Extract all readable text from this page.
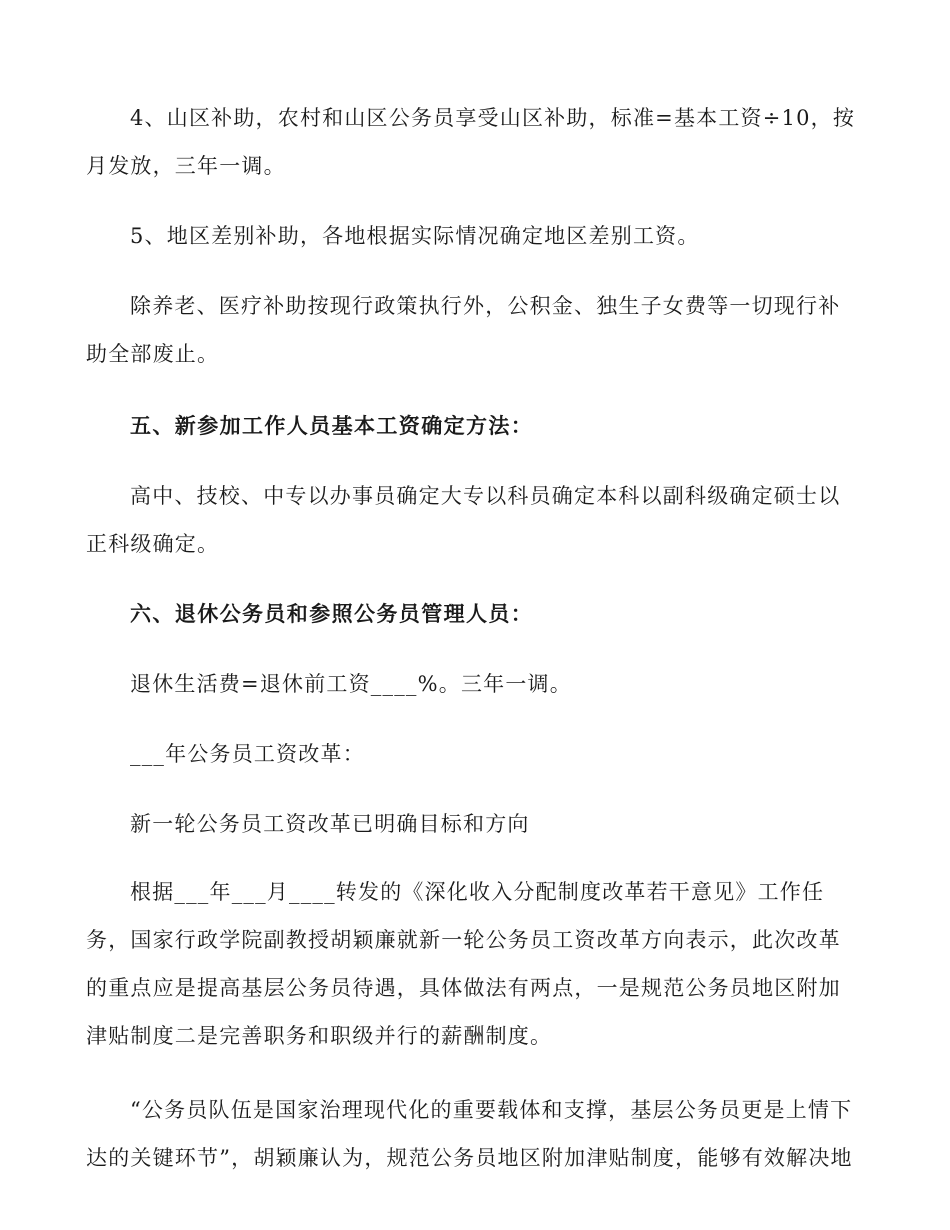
4、山区补助，农村和山区公务员享受山区补助，标准=基本工资÷10，按月发放，三年一调。
5、地区差别补助，各地根据实际情况确定地区差别工资。
除养老、医疗补助按现行政策执行外，公积金、独生子女费等一切现行补助全部废止。
五、新参加工作人员基本工资确定方法：
高中、技校、中专以办事员确定大专以科员确定本科以副科级确定硕士以正科级确定。
六、退休公务员和参照公务员管理人员：
退休生活费=退休前工资____%。三年一调。
___年公务员工资改革：
新一轮公务员工资改革已明确目标和方向
根据___年___月____转发的《深化收入分配制度改革若干意见》工作任务，国家行政学院副教授胡颖廉就新一轮公务员工资改革方向表示，此次改革的重点应是提高基层公务员待遇，具体做法有两点，一是规范公务员地区附加津贴制度二是完善职务和职级并行的薪酬制度。
“公务员队伍是国家治理现代化的重要载体和支撑，基层公务员更是上情下达的关键环节”，胡颖廉认为，规范公务员地区附加津贴制度，能够有效解决地
